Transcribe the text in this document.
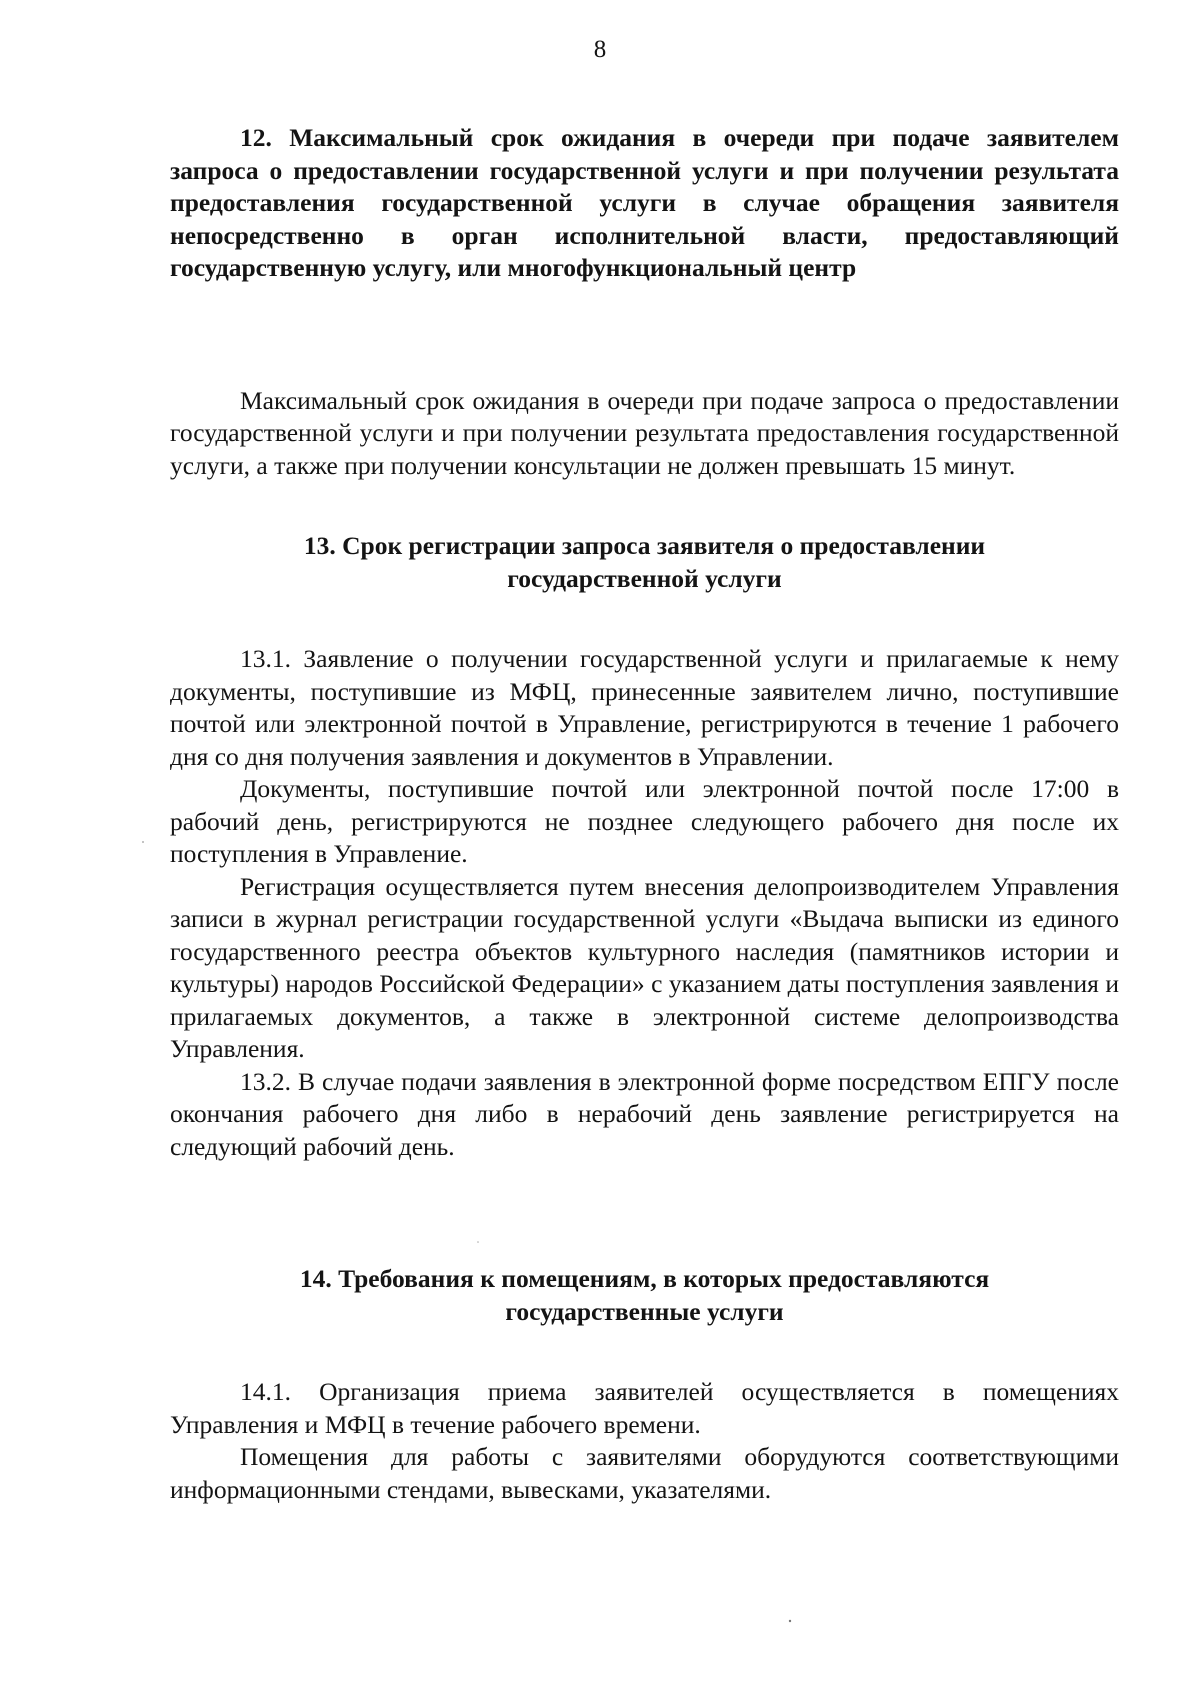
8

12. Максимальный срок ожидания в очереди при подаче заявителем запроса о предоставлении государственной услуги и при получении результата предоставления государственной услуги в случае обращения заявителя непосредственно в орган исполнительной власти, предоставляющий государственную услугу, или многофункциональный центр

Максимальный срок ожидания в очереди при подаче запроса о предоставлении государственной услуги и при получении результата предоставления государственной услуги, а также при получении консультации не должен превышать 15 минут.

13. Срок регистрации запроса заявителя о предоставлении государственной услуги

13.1. Заявление о получении государственной услуги и прилагаемые к нему документы, поступившие из МФЦ, принесенные заявителем лично, поступившие почтой или электронной почтой в Управление, регистрируются в течение 1 рабочего дня со дня получения заявления и документов в Управлении.

Документы, поступившие почтой или электронной почтой после 17:00 в рабочий день, регистрируются не позднее следующего рабочего дня после их поступления в Управление.

Регистрация осуществляется путем внесения делопроизводителем Управления записи в журнал регистрации государственной услуги «Выдача выписки из единого государственного реестра объектов культурного наследия (памятников истории и культуры) народов Российской Федерации» с указанием даты поступления заявления и прилагаемых документов, а также в электронной системе делопроизводства Управления.

13.2. В случае подачи заявления в электронной форме посредством ЕПГУ после окончания рабочего дня либо в нерабочий день заявление регистрируется на следующий рабочий день.

14. Требования к помещениям, в которых предоставляются государственные услуги

14.1. Организация приема заявителей осуществляется в помещениях Управления и МФЦ в течение рабочего времени.

Помещения для работы с заявителями оборудуются соответствующими информационными стендами, вывесками, указателями.
